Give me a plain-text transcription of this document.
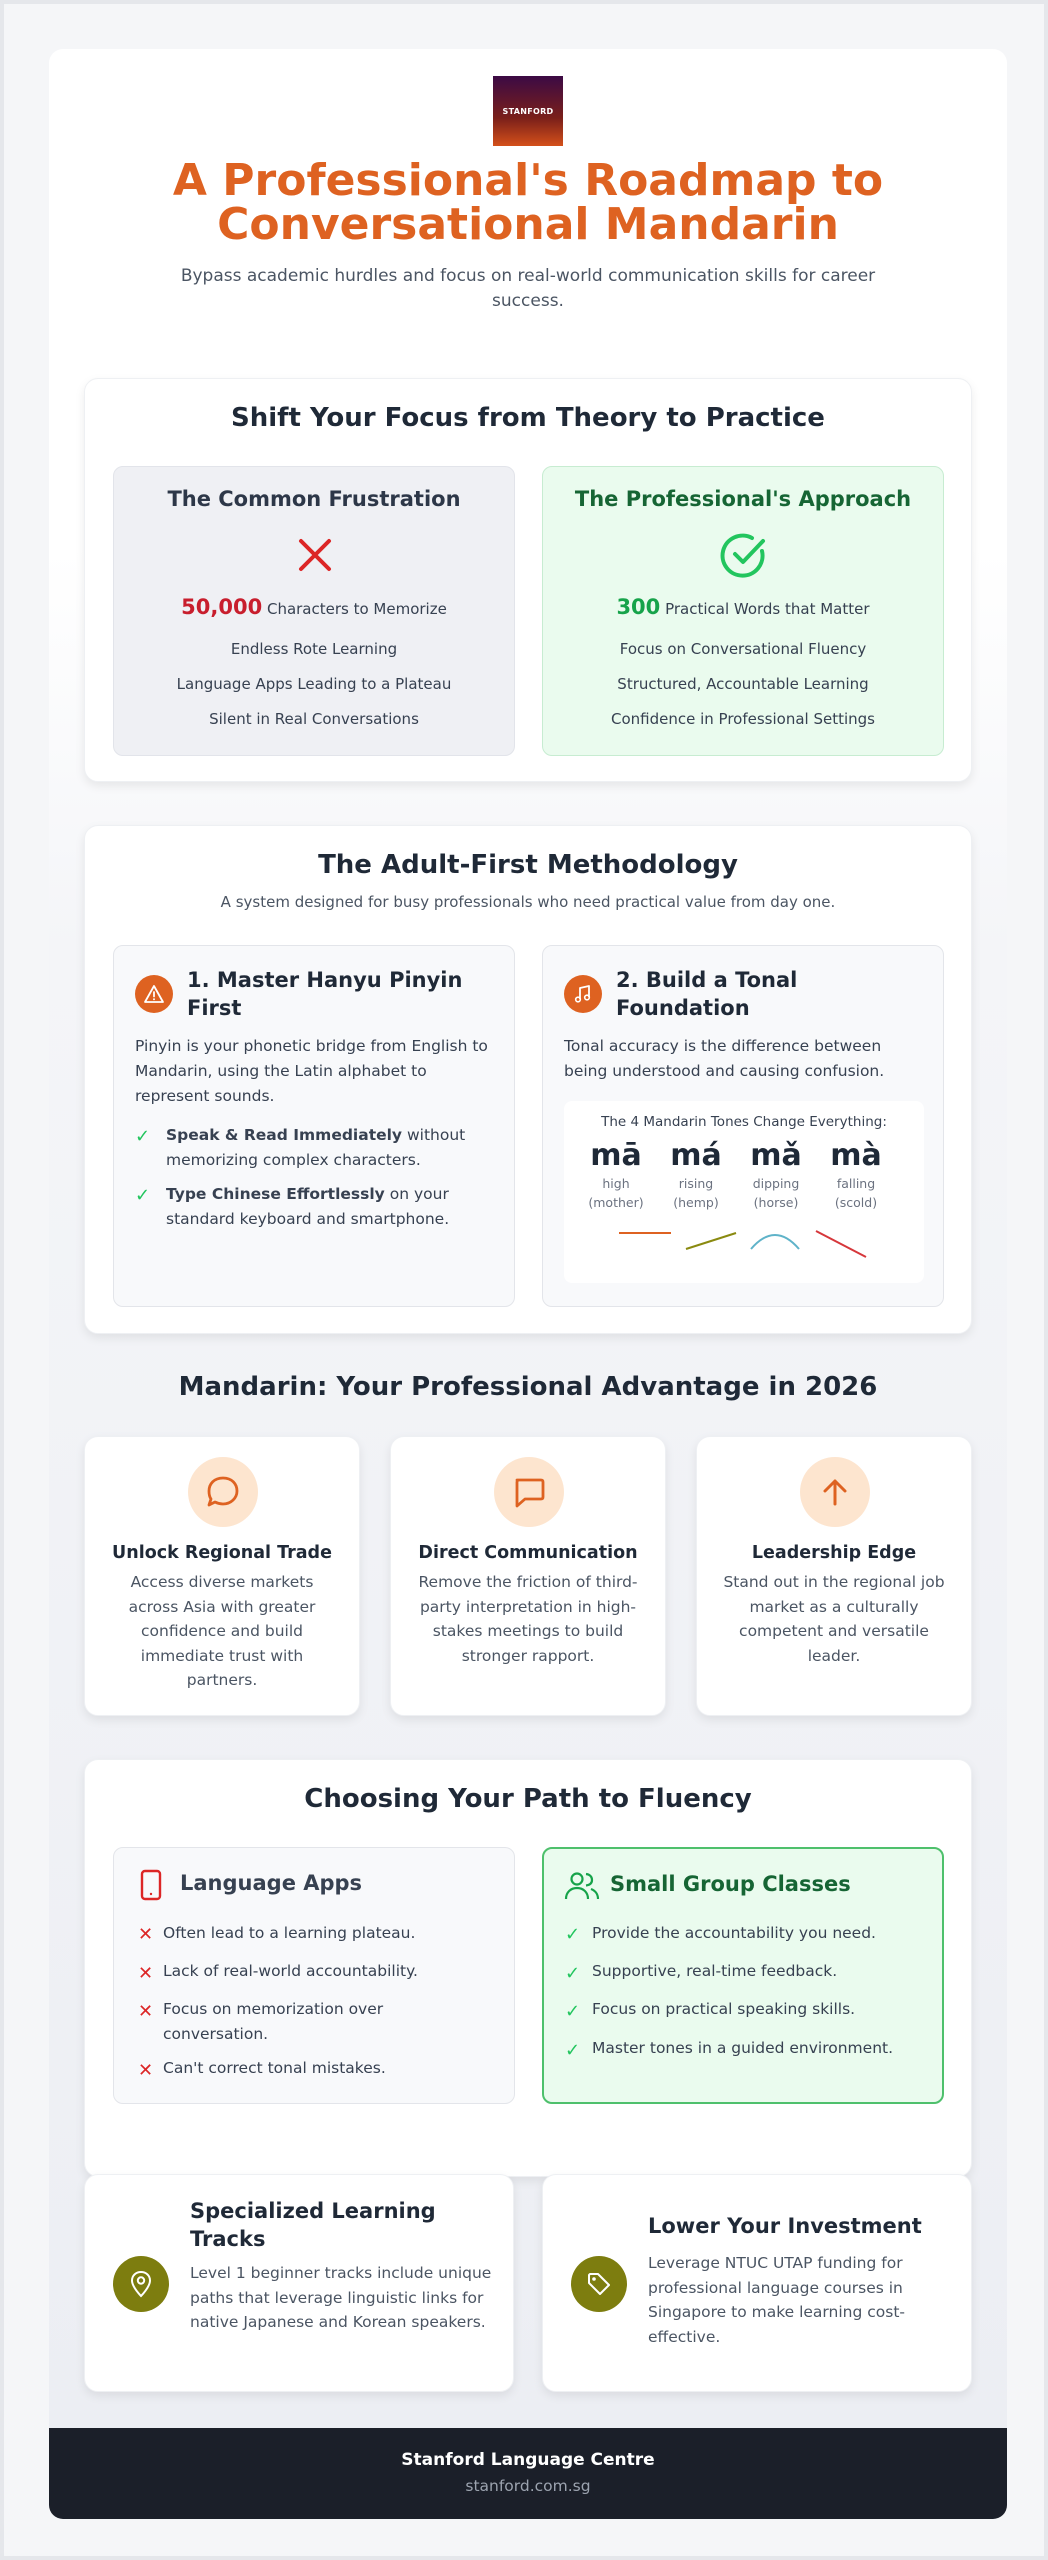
STANFORD
A Professional's Roadmap to Conversational Mandarin
Bypass academic hurdles and focus on real-world communication skills for career success.
Shift Your Focus from Theory to Practice
The Common Frustration
50,000 Characters to Memorize
Endless Rote Learning
Language Apps Leading to a Plateau
Silent in Real Conversations
The Professional's Approach
300 Practical Words that Matter
Focus on Conversational Fluency
Structured, Accountable Learning
Confidence in Professional Settings
The Adult-First Methodology
A system designed for busy professionals who need practical value from day one.
1. Master Hanyu Pinyin First
Pinyin is your phonetic bridge from English to Mandarin, using the Latin alphabet to represent sounds.
✓ Speak & Read Immediately without memorizing complex characters.
✓ Type Chinese Effortlessly on your standard keyboard and smartphone.
2. Build a Tonal Foundation
Tonal accuracy is the difference between being understood and causing confusion.
The 4 Mandarin Tones Change Everything:
mā
high
(mother)
má
rising
(hemp)
mǎ
dipping
(horse)
mà
falling
(scold)
Mandarin: Your Professional Advantage in 2026
Unlock Regional Trade
Access diverse markets across Asia with greater confidence and build immediate trust with partners.
Direct Communication
Remove the friction of third-party interpretation in high-stakes meetings to build stronger rapport.
Leadership Edge
Stand out in the regional job market as a culturally competent and versatile leader.
Choosing Your Path to Fluency
Language Apps
✕ Often lead to a learning plateau.
✕ Lack of real-world accountability.
✕ Focus on memorization over conversation.
✕ Can't correct tonal mistakes.
Small Group Classes
✓ Provide the accountability you need.
✓ Supportive, real-time feedback.
✓ Focus on practical speaking skills.
✓ Master tones in a guided environment.
Specialized Learning Tracks
Level 1 beginner tracks include unique paths that leverage linguistic links for native Japanese and Korean speakers.
Lower Your Investment
Leverage NTUC UTAP funding for professional language courses in Singapore to make learning cost-effective.
Stanford Language Centre
stanford.com.sg
